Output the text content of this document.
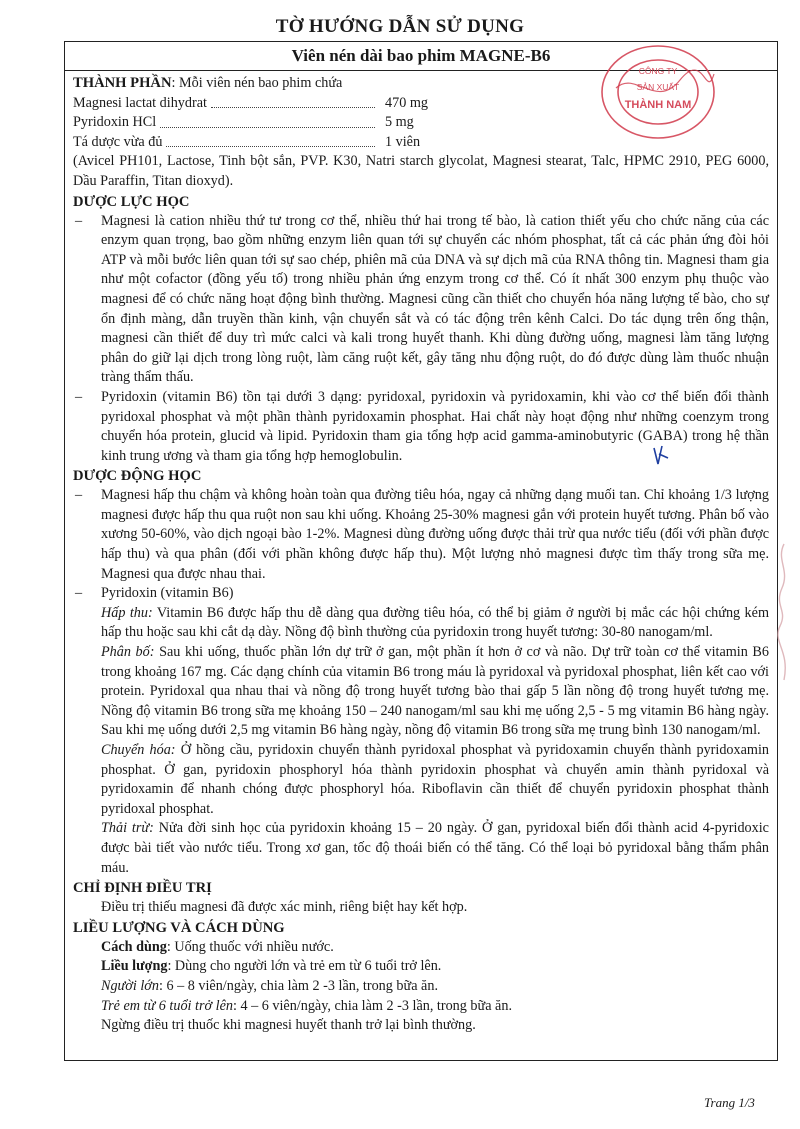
TỜ HƯỚNG DẪN SỬ DỤNG
Viên nén dài bao phim MAGNE-B6
THÀNH PHẦN: Mỗi viên nén bao phim chứa
Magnesi lactat dihydrat	470 mg
Pyridoxin HCl	5 mg
Tá dược vừa đủ	1 viên
(Avicel PH101, Lactose, Tinh bột sắn, PVP. K30, Natri starch glycolat, Magnesi stearat, Talc, HPMC 2910, PEG 6000, Dầu Paraffin, Titan dioxyd).
DƯỢC LỰC HỌC
– Magnesi là cation nhiều thứ tư trong cơ thể, nhiều thứ hai trong tế bào, là cation thiết yếu cho chức năng của các enzym quan trọng, bao gồm những enzym liên quan tới sự chuyển các nhóm phosphat, tất cả các phản ứng đòi hỏi ATP và mỗi bước liên quan tới sự sao chép, phiên mã của DNA và sự dịch mã của RNA thông tin. Magnesi tham gia như một cofactor (đồng yếu tố) trong nhiều phản ứng enzym trong cơ thể. Có ít nhất 300 enzym phụ thuộc vào magnesi để có chức năng hoạt động bình thường. Magnesi cũng cần thiết cho chuyển hóa năng lượng tế bào, cho sự ổn định màng, dẫn truyền thần kinh, vận chuyển sắt và có tác động trên kênh Calci. Do tác dụng trên ống thận, magnesi cần thiết để duy trì mức calci và kali trong huyết thanh. Khi dùng đường uống, magnesi làm tăng lượng phân do giữ lại dịch trong lòng ruột, làm căng ruột kết, gây tăng nhu động ruột, do đó được dùng làm thuốc nhuận tràng thẩm thấu.
– Pyridoxin (vitamin B6) tồn tại dưới 3 dạng: pyridoxal, pyridoxin và pyridoxamin, khi vào cơ thể biến đổi thành pyridoxal phosphat và một phần thành pyridoxamin phosphat. Hai chất này hoạt động như những coenzym trong chuyển hóa protein, glucid và lipid. Pyridoxin tham gia tổng hợp acid gamma-aminobutyric (GABA) trong hệ thần kinh trung ương và tham gia tổng hợp hemoglobulin.
DƯỢC ĐỘNG HỌC
– Magnesi hấp thu chậm và không hoàn toàn qua đường tiêu hóa, ngay cả những dạng muối tan. Chỉ khoảng 1/3 lượng magnesi được hấp thu qua ruột non sau khi uống. Khoảng 25-30% magnesi gắn với protein huyết tương. Phân bố vào xương 50-60%, vào dịch ngoại bào 1-2%. Magnesi dùng đường uống được thải trừ qua nước tiểu (đối với phần được hấp thu) và qua phân (đối với phần không được hấp thu). Một lượng nhỏ magnesi được tìm thấy trong sữa mẹ. Magnesi qua được nhau thai.
– Pyridoxin (vitamin B6)
Hấp thu: Vitamin B6 được hấp thu dễ dàng qua đường tiêu hóa, có thể bị giảm ở người bị mắc các hội chứng kém hấp thu hoặc sau khi cắt dạ dày. Nồng độ bình thường của pyridoxin trong huyết tương: 30-80 nanogam/ml.
Phân bố: Sau khi uống, thuốc phần lớn dự trữ ở gan, một phần ít hơn ở cơ và não. Dự trữ toàn cơ thể vitamin B6 trong khoảng 167 mg. Các dạng chính của vitamin B6 trong máu là pyridoxal và pyridoxal phosphat, liên kết cao với protein. Pyridoxal qua nhau thai và nồng độ trong huyết tương bào thai gấp 5 lần nồng độ trong huyết tương mẹ. Nồng độ vitamin B6 trong sữa mẹ khoảng 150 – 240 nanogam/ml sau khi mẹ uống 2,5 - 5 mg vitamin B6 hàng ngày. Sau khi mẹ uống dưới 2,5 mg vitamin B6 hàng ngày, nồng độ vitamin B6 trong sữa mẹ trung bình 130 nanogam/ml.
Chuyển hóa: Ở hồng cầu, pyridoxin chuyển thành pyridoxal phosphat và pyridoxamin chuyển thành pyridoxamin phosphat. Ở gan, pyridoxin phosphoryl hóa thành pyridoxin phosphat và chuyển amin thành pyridoxal và pyridoxamin để nhanh chóng được phosphoryl hóa. Riboflavin cần thiết để chuyển pyridoxin phosphat thành pyridoxal phosphat.
Thải trừ: Nửa đời sinh học của pyridoxin khoảng 15 – 20 ngày. Ở gan, pyridoxal biến đổi thành acid 4-pyridoxic được bài tiết vào nước tiểu. Trong xơ gan, tốc độ thoái biến có thể tăng. Có thể loại bỏ pyridoxal bằng thẩm phân máu.
CHỈ ĐỊNH ĐIỀU TRỊ
Điều trị thiếu magnesi đã được xác minh, riêng biệt hay kết hợp.
LIỀU LƯỢNG VÀ CÁCH DÙNG
Cách dùng: Uống thuốc với nhiều nước.
Liều lượng: Dùng cho người lớn và trẻ em từ 6 tuổi trở lên.
Người lớn: 6 – 8 viên/ngày, chia làm 2 -3 lần, trong bữa ăn.
Trẻ em từ 6 tuổi trở lên: 4 – 6 viên/ngày, chia làm 2 -3 lần, trong bữa ăn.
Ngừng điều trị thuốc khi magnesi huyết thanh trở lại bình thường.
CÔNG TY
SẢN XUẤT
THÀNH NAM
Trang 1/3
